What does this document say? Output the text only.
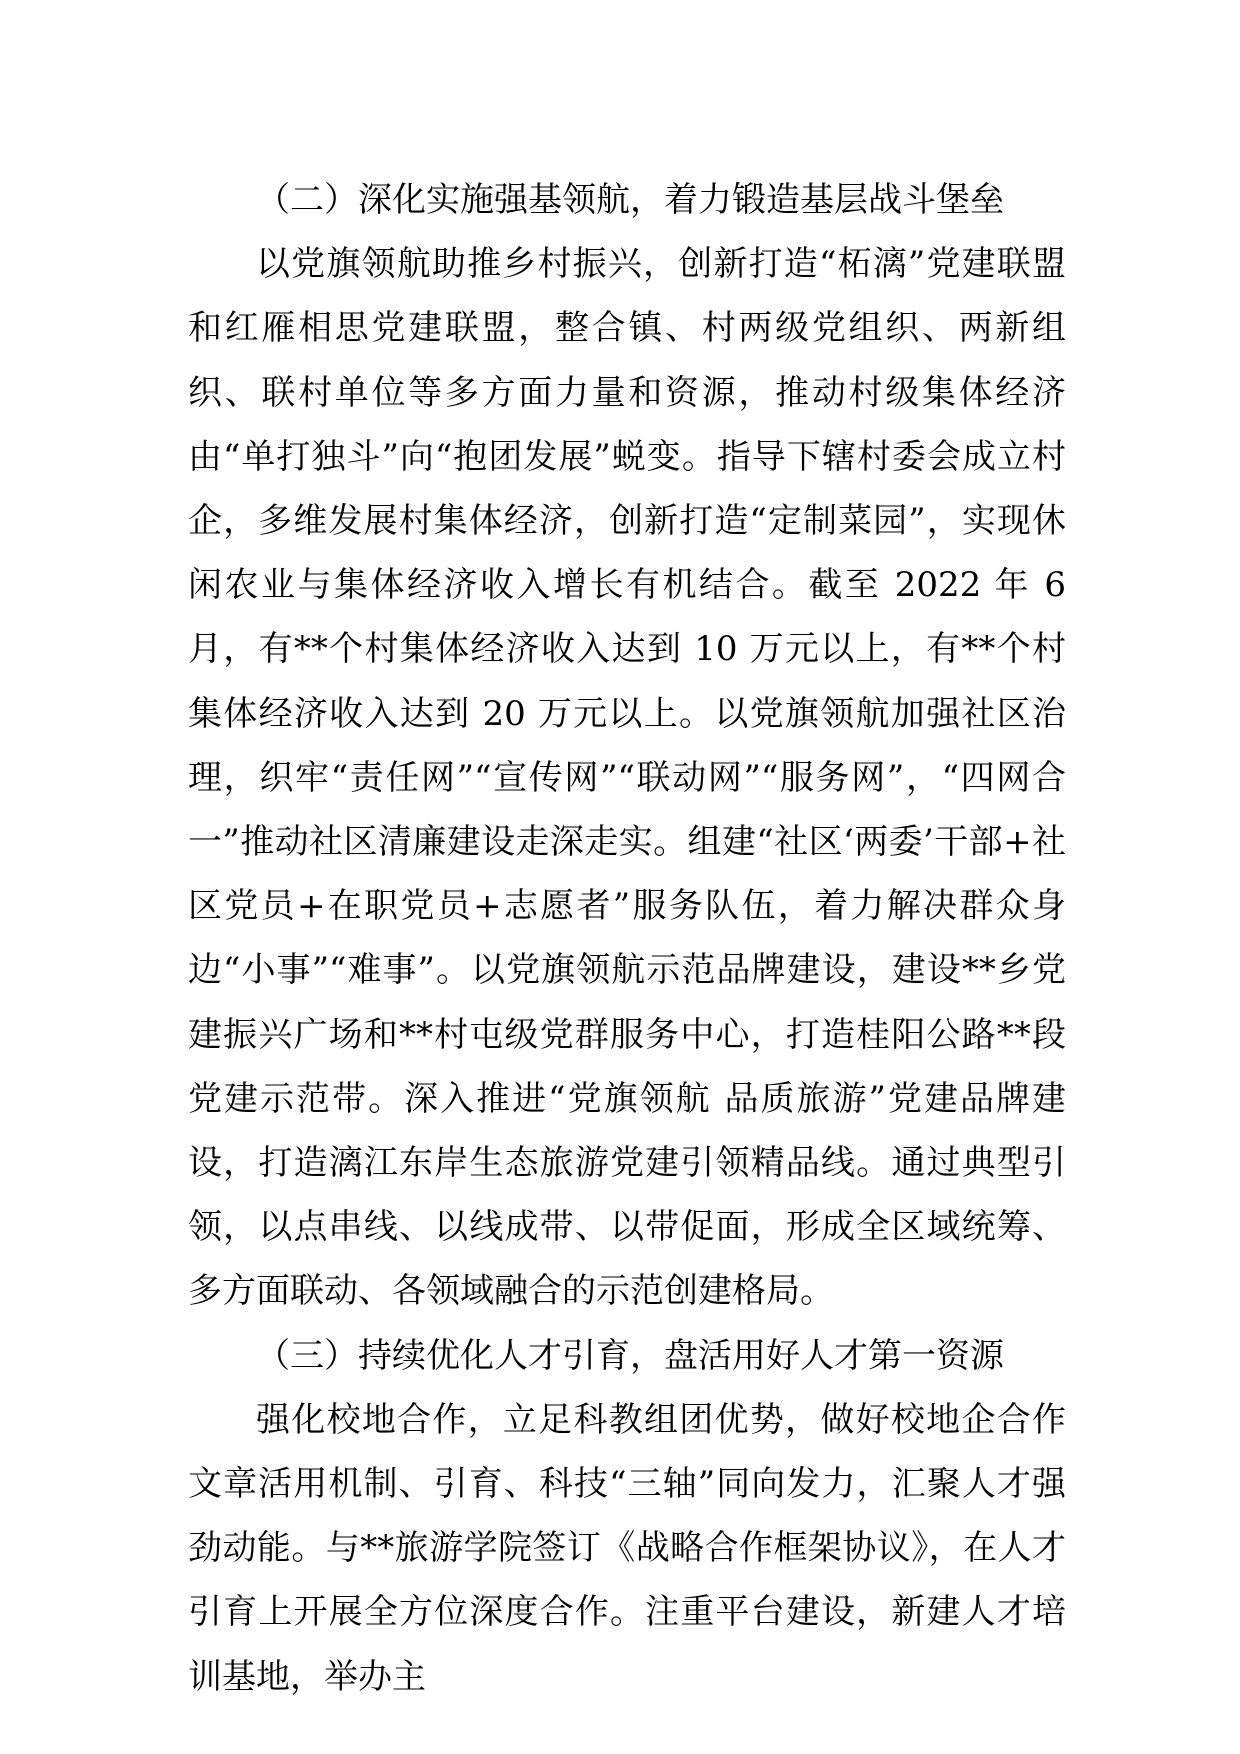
（二）深化实施强基领航，着力锻造基层战斗堡垒

以党旗领航助推乡村振兴，创新打造“柘漓”党建联盟和红雁相思党建联盟，整合镇、村两级党组织、两新组织、联村单位等多方面力量和资源，推动村级集体经济由“单打独斗”向“抱团发展”蜕变。指导下辖村委会成立村企，多维发展村集体经济，创新打造“定制菜园”，实现休闲农业与集体经济收入增长有机结合。截至 2022 年 6 月，有**个村集体经济收入达到 10 万元以上，有**个村集体经济收入达到 20 万元以上。以党旗领航加强社区治理，织牢“责任网”“宣传网”“联动网”“服务网”，“四网合一”推动社区清廉建设走深走实。组建“社区‘两委’干部+社区党员+在职党员+志愿者”服务队伍，着力解决群众身边“小事”“难事”。以党旗领航示范品牌建设，建设**乡党建振兴广场和**村屯级党群服务中心，打造桂阳公路**段党建示范带。深入推进“党旗领航 品质旅游”党建品牌建设，打造漓江东岸生态旅游党建引领精品线。通过典型引领，以点串线、以线成带、以带促面，形成全区域统筹、多方面联动、各领域融合的示范创建格局。

（三）持续优化人才引育，盘活用好人才第一资源

强化校地合作，立足科教组团优势，做好校地企合作文章活用机制、引育、科技“三轴”同向发力，汇聚人才强劲动能。与**旅游学院签订《战略合作框架协议》，在人才引育上开展全方位深度合作。注重平台建设，新建人才培训基地，举办主
